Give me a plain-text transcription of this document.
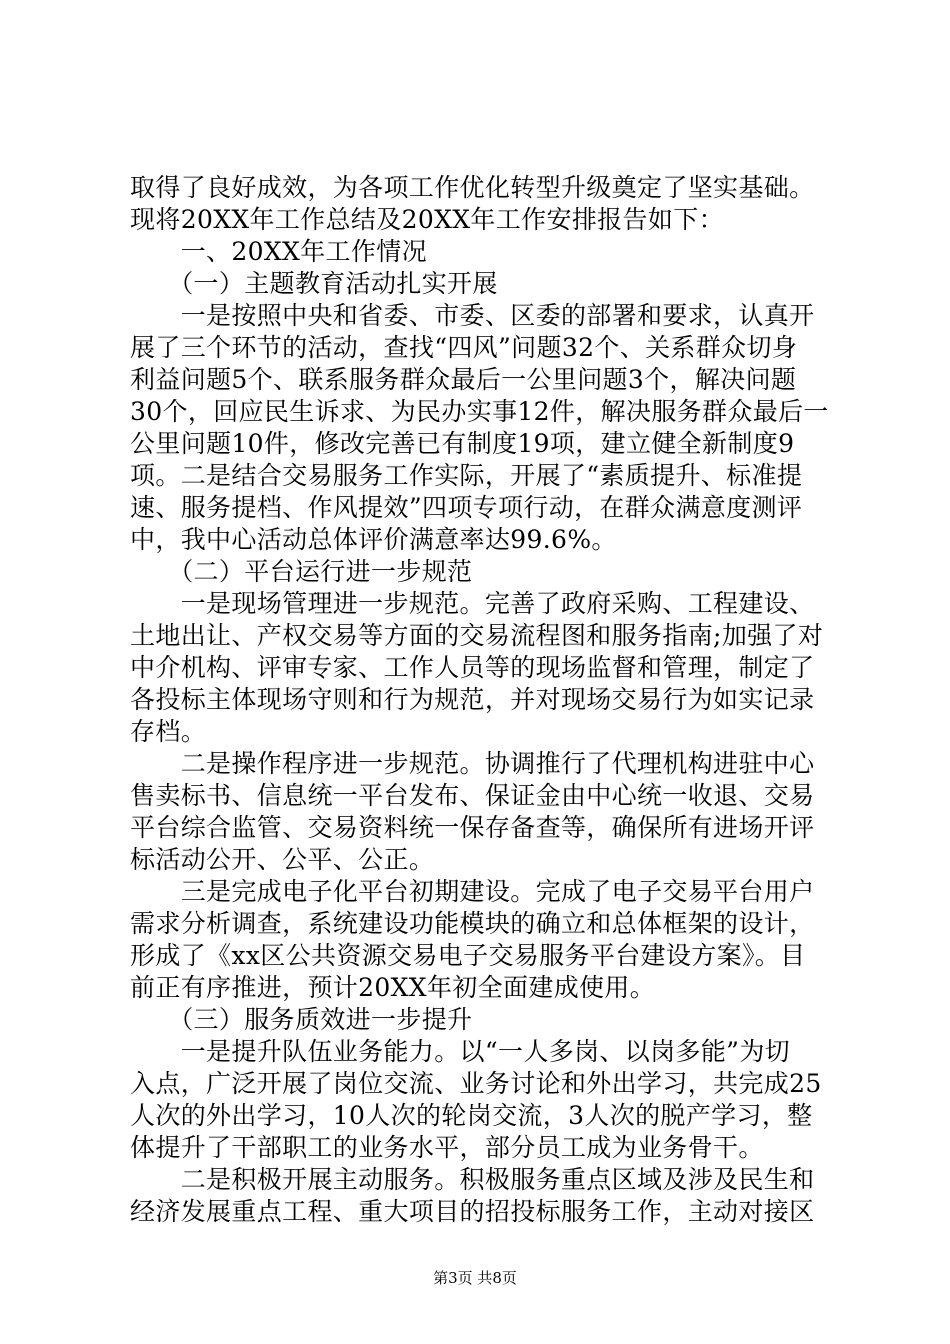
取得了良好成效，为各项工作优化转型升级奠定了坚实基础。
现将20XX年工作总结及20XX年工作安排报告如下：
　　一、20XX年工作情况
　　（一）主题教育活动扎实开展
　　一是按照中央和省委、市委、区委的部署和要求，认真开
展了三个环节的活动，查找“四风”问题32个、关系群众切身
利益问题5个、联系服务群众最后一公里问题3个，解决问题
30个，回应民生诉求、为民办实事12件，解决服务群众最后一
公里问题10件，修改完善已有制度19项，建立健全新制度9
项。二是结合交易服务工作实际，开展了“素质提升、标准提
速、服务提档、作风提效”四项专项行动，在群众满意度测评
中，我中心活动总体评价满意率达99.6%。
　　（二）平台运行进一步规范
　　一是现场管理进一步规范。完善了政府采购、工程建设、
土地出让、产权交易等方面的交易流程图和服务指南;加强了对
中介机构、评审专家、工作人员等的现场监督和管理，制定了
各投标主体现场守则和行为规范，并对现场交易行为如实记录
存档。
　　二是操作程序进一步规范。协调推行了代理机构进驻中心
售卖标书、信息统一平台发布、保证金由中心统一收退、交易
平台综合监管、交易资料统一保存备查等，确保所有进场开评
标活动公开、公平、公正。
　　三是完成电子化平台初期建设。完成了电子交易平台用户
需求分析调查，系统建设功能模块的确立和总体框架的设计，
形成了《xx区公共资源交易电子交易服务平台建设方案》。目
前正有序推进，预计20XX年初全面建成使用。
　　（三）服务质效进一步提升
　　一是提升队伍业务能力。以“一人多岗、以岗多能”为切
入点，广泛开展了岗位交流、业务讨论和外出学习，共完成25
人次的外出学习，10人次的轮岗交流，3人次的脱产学习，整
体提升了干部职工的业务水平，部分员工成为业务骨干。
　　二是积极开展主动服务。积极服务重点区域及涉及民生和
经济发展重点工程、重大项目的招投标服务工作，主动对接区
第3页 共8页
